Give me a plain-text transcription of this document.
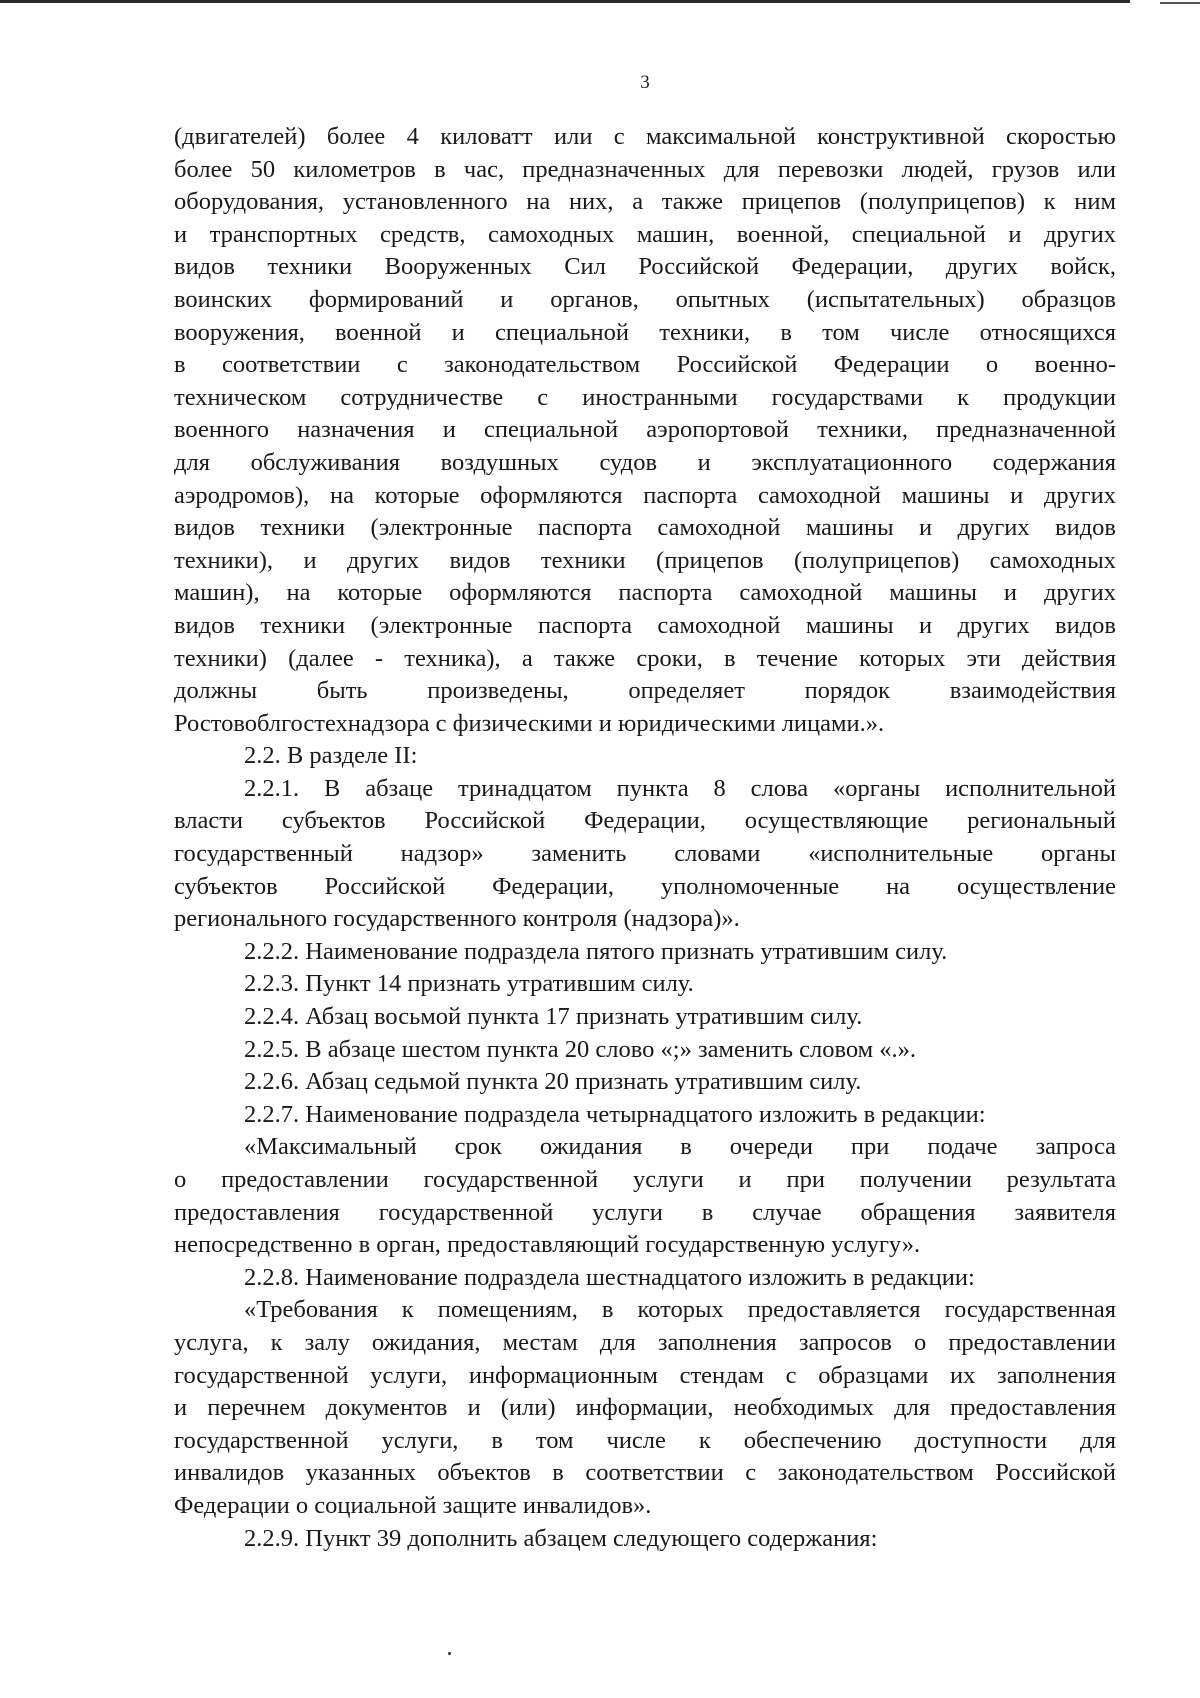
3
(двигателей) более 4 киловатт или с максимальной конструктивной скоростью
более 50 километров в час, предназначенных для перевозки людей, грузов или
оборудования, установленного на них, а также прицепов (полуприцепов) к ним
и транспортных средств, самоходных машин, военной, специальной и других
видов техники Вооруженных Сил Российской Федерации, других войск,
воинских формирований и органов, опытных (испытательных) образцов
вооружения, военной и специальной техники, в том числе относящихся
в соответствии с законодательством Российской Федерации о военно-
техническом сотрудничестве с иностранными государствами к продукции
военного назначения и специальной аэропортовой техники, предназначенной
для обслуживания воздушных судов и эксплуатационного содержания
аэродромов), на которые оформляются паспорта самоходной машины и других
видов техники (электронные паспорта самоходной машины и других видов
техники), и других видов техники (прицепов (полуприцепов) самоходных
машин), на которые оформляются паспорта самоходной машины и других
видов техники (электронные паспорта самоходной машины и других видов
техники) (далее - техника), а также сроки, в течение которых эти действия
должны быть произведены, определяет порядок взаимодействия
Ростовоблгостехнадзора с физическими и юридическими лицами.».
2.2. В разделе II:
2.2.1. В абзаце тринадцатом пункта 8 слова «органы исполнительной
власти субъектов Российской Федерации, осуществляющие региональный
государственный надзор» заменить словами «исполнительные органы
субъектов Российской Федерации, уполномоченные на осуществление
регионального государственного контроля (надзора)».
2.2.2. Наименование подраздела пятого признать утратившим силу.
2.2.3. Пункт 14 признать утратившим силу.
2.2.4. Абзац восьмой пункта 17 признать утратившим силу.
2.2.5. В абзаце шестом пункта 20 слово «;» заменить словом «.».
2.2.6. Абзац седьмой пункта 20 признать утратившим силу.
2.2.7. Наименование подраздела четырнадцатого изложить в редакции:
«Максимальный срок ожидания в очереди при подаче запроса
о предоставлении государственной услуги и при получении результата
предоставления государственной услуги в случае обращения заявителя
непосредственно в орган, предоставляющий государственную услугу».
2.2.8. Наименование подраздела шестнадцатого изложить в редакции:
«Требования к помещениям, в которых предоставляется государственная
услуга, к залу ожидания, местам для заполнения запросов о предоставлении
государственной услуги, информационным стендам с образцами их заполнения
и перечнем документов и (или) информации, необходимых для предоставления
государственной услуги, в том числе к обеспечению доступности для
инвалидов указанных объектов в соответствии с законодательством Российской
Федерации о социальной защите инвалидов».
2.2.9. Пункт 39 дополнить абзацем следующего содержания:
